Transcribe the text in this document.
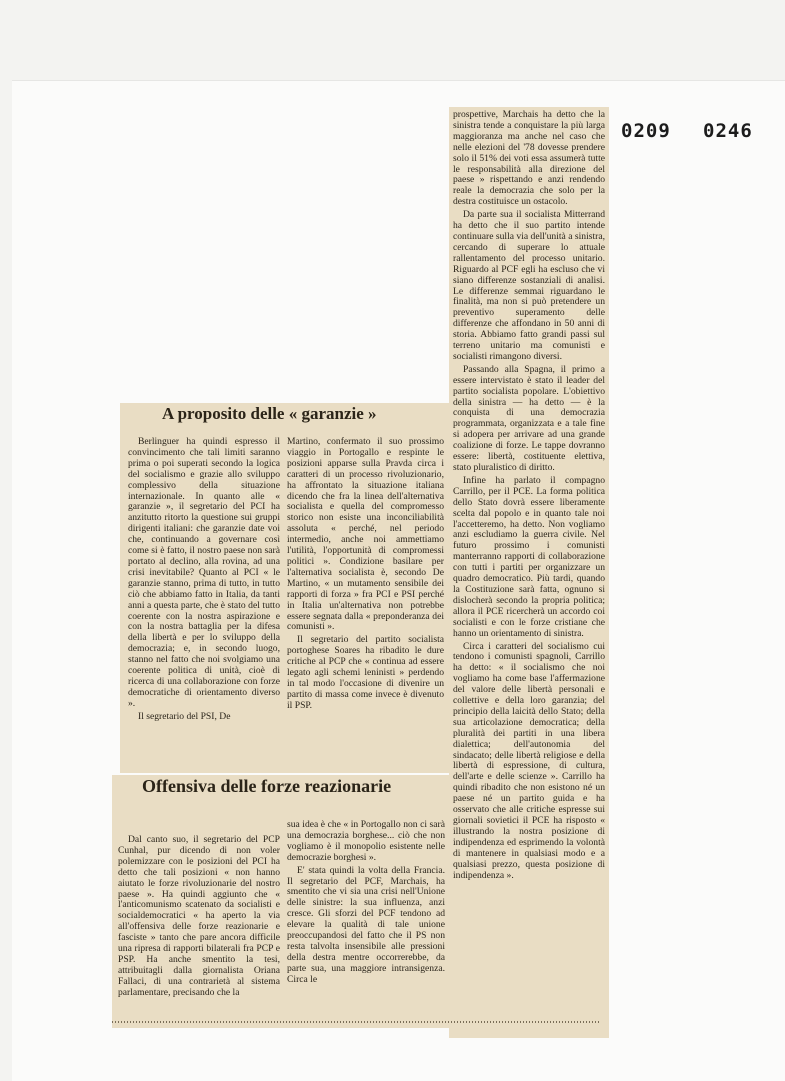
0209 0246

prospettive, Marchais ha detto che la sinistra tende a conquistare la più larga maggioranza ma anche nel caso che nelle elezioni del '78 dovesse prendere solo il 51% dei voti essa assumerà tutte le responsabilità alla direzione del paese » rispettando e anzi rendendo reale la democrazia che solo per la destra costituisce un ostacolo.

Da parte sua il socialista Mitterrand ha detto che il suo partito intende continuare sulla via dell'unità a sinistra, cercando di superare lo attuale rallentamento del processo unitario. Riguardo al PCF egli ha escluso che vi siano differenze sostanziali di analisi. Le differenze semmai riguardano le finalità, ma non si può pretendere un preventivo superamento delle differenze che affondano in 50 anni di storia. Abbiamo fatto grandi passi sul terreno unitario ma comunisti e socialisti rimangono diversi.

Passando alla Spagna, il primo a essere intervistato è stato il leader del partito socialista popolare. L'obiettivo della sinistra — ha detto — è la conquista di una democrazia programmata, organizzata e a tale fine si adopera per arrivare ad una grande coalizione di forze. Le tappe dovranno essere: libertà, costituente elettiva, stato pluralistico di diritto.

Infine ha parlato il compagno Carrillo, per il PCE. La forma politica dello Stato dovrà essere liberamente scelta dal popolo e in quanto tale noi l'accetteremo, ha detto. Non vogliamo anzi escludiamo la guerra civile. Nel futuro prossimo i comunisti manterranno rapporti di collaborazione con tutti i partiti per organizzare un quadro democratico. Più tardi, quando la Costituzione sarà fatta, ognuno si dislocherà secondo la propria politica; allora il PCE ricercherà un accordo coi socialisti e con le forze cristiane che hanno un orientamento di sinistra.

Circa i caratteri del socialismo cui tendono i comunisti spagnoli, Carrillo ha detto: « il socialismo che noi vogliamo ha come base l'affermazione del valore delle libertà personali e collettive e della loro garanzia; del principio della laicità dello Stato; della sua articolazione democratica; della pluralità dei partiti in una libera dialettica; dell'autonomia del sindacato; delle libertà religiose e della libertà di espressione, di cultura, dell'arte e delle scienze ». Carrillo ha quindi ribadito che non esistono né un paese né un partito guida e ha osservato che alle critiche espresse sui giornali sovietici il PCE ha risposto « illustrando la nostra posizione di indipendenza ed esprimendo la volontà di mantenere in qualsiasi modo e a qualsiasi prezzo, questa posizione di indipendenza ».

A proposito delle « garanzie »

Berlinguer ha quindi espresso il convincimento che tali limiti saranno prima o poi superati secondo la logica del socialismo e grazie allo sviluppo complessivo della situazione internazionale. In quanto alle « garanzie », il segretario del PCI ha anzitutto ritorto la questione sui gruppi dirigenti italiani: che garanzie date voi che, continuando a governare così come si è fatto, il nostro paese non sarà portato al declino, alla rovina, ad una crisi inevitabile? Quanto al PCI « le garanzie stanno, prima di tutto, in tutto ciò che abbiamo fatto in Italia, da tanti anni a questa parte, che è stato del tutto coerente con la nostra aspirazione e con la nostra battaglia per la difesa della libertà e per lo sviluppo della democrazia; e, in secondo luogo, stanno nel fatto che noi svolgiamo una coerente politica di unità, cioè di ricerca di una collaborazione con forze democratiche di orientamento diverso ».

Il segretario del PSI, De

Martino, confermato il suo prossimo viaggio in Portogallo e respinte le posizioni apparse sulla Pravda circa i caratteri di un processo rivoluzionario, ha affrontato la situazione italiana dicendo che fra la linea dell'alternativa socialista e quella del compromesso storico non esiste una inconciliabilità assoluta « perché, nel periodo intermedio, anche noi ammettiamo l'utilità, l'opportunità di compromessi politici ». Condizione basilare per l'alternativa socialista è, secondo De Martino, « un mutamento sensibile dei rapporti di forza » fra PCI e PSI perché in Italia un'alternativa non potrebbe essere segnata dalla « preponderanza dei comunisti ».

Il segretario del partito socialista portoghese Soares ha ribadito le dure critiche al PCP che « continua ad essere legato agli schemi leninisti » perdendo in tal modo l'occasione di divenire un partito di massa come invece è divenuto il PSP.

Offensiva delle forze reazionarie

Dal canto suo, il segretario del PCP Cunhal, pur dicendo di non voler polemizzare con le posizioni del PCI ha detto che tali posizioni « non hanno aiutato le forze rivoluzionarie del nostro paese ». Ha quindi aggiunto che « l'anticomunismo scatenato da socialisti e socialdemocratici « ha aperto la via all'offensiva delle forze reazionarie e fasciste » tanto che pare ancora difficile una ripresa di rapporti bilaterali fra PCP e PSP. Ha anche smentito la tesi, attribuitagli dalla giornalista Oriana Fallaci, di una contrarietà al sistema parlamentare, precisando che la

sua idea è che « in Portogallo non ci sarà una democrazia borghese... ciò che non vogliamo è il monopolio esistente nelle democrazie borghesi ».

E' stata quindi la volta della Francia. Il segretario del PCF, Marchais, ha smentito che vi sia una crisi nell'Unione delle sinistre: la sua influenza, anzi cresce. Gli sforzi del PCF tendono ad elevare la qualità di tale unione preoccupandosi del fatto che il PS non resta talvolta insensibile alle pressioni della destra mentre occorrerebbe, da parte sua, una maggiore intransigenza. Circa le
